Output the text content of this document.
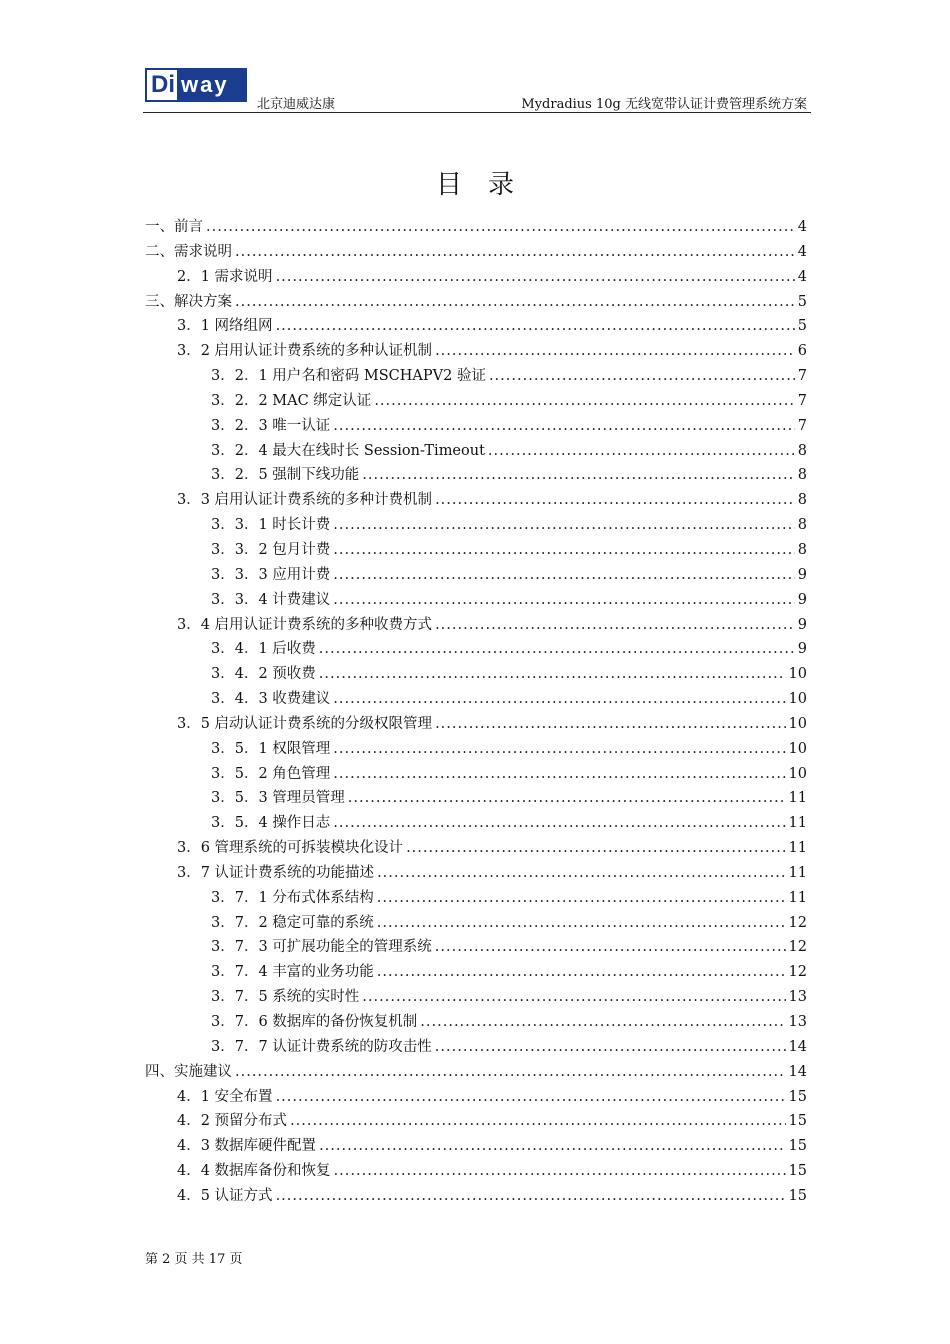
Di way
北京迪威达康	Mydradius 10g 无线宽带认证计费管理系统方案
目录
一、前言 .....	4
二、需求说明 .....	4
2．1 需求说明 .....	4
三、解决方案 .....	5
3．1 网络组网 .....	5
3．2 启用认证计费系统的多种认证机制 .....	6
3．2．1 用户名和密码 MSCHAPV2 验证 .....	7
3．2．2 MAC 绑定认证 .....	7
3．2．3 唯一认证 .....	7
3．2．4 最大在线时长 Session-Timeout .....	8
3．2．5 强制下线功能 .....	8
3．3 启用认证计费系统的多种计费机制 .....	8
3．3．1 时长计费 .....	8
3．3．2 包月计费 .....	8
3．3．3 应用计费 .....	9
3．3．4 计费建议 .....	9
3．4 启用认证计费系统的多种收费方式 .....	9
3．4．1 后收费 .....	9
3．4．2 预收费 .....	10
3．4．3 收费建议 .....	10
3．5 启动认证计费系统的分级权限管理 .....	10
3．5．1 权限管理 .....	10
3．5．2 角色管理 .....	10
3．5．3 管理员管理 .....	11
3．5．4 操作日志 .....	11
3．6 管理系统的可拆装模块化设计 .....	11
3．7 认证计费系统的功能描述 .....	11
3．7．1 分布式体系结构 .....	11
3．7．2 稳定可靠的系统 .....	12
3．7．3 可扩展功能全的管理系统 .....	12
3．7．4 丰富的业务功能 .....	12
3．7．5 系统的实时性 .....	13
3．7．6 数据库的备份恢复机制 .....	13
3．7．7 认证计费系统的防攻击性 .....	14
四、实施建议 .....	14
4．1 安全布置 .....	15
4．2 预留分布式 .....	15
4．3 数据库硬件配置 .....	15
4．4 数据库备份和恢复 .....	15
4．5 认证方式 .....	15
第 2 页 共 17 页
